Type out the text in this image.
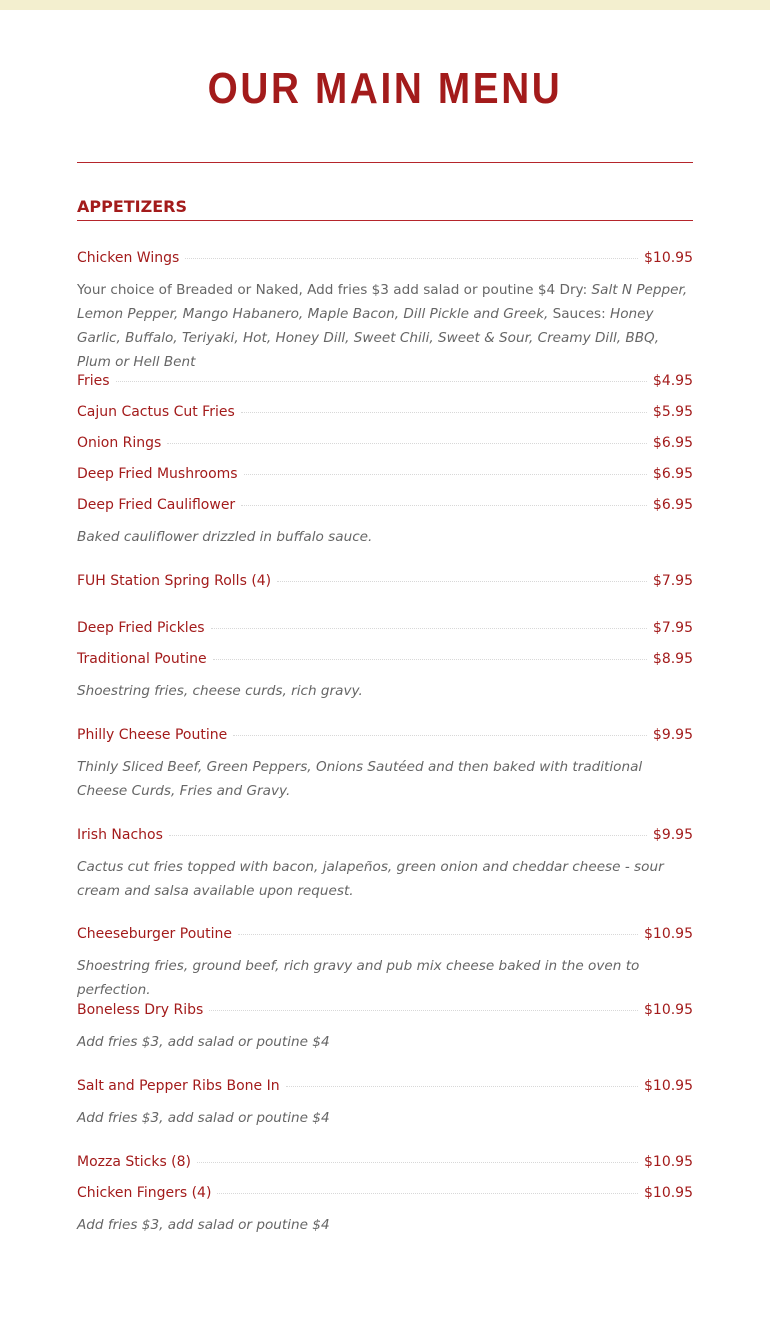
OUR MAIN MENU
APPETIZERS
Chicken Wings	$10.95

Your choice of Breaded or Naked, Add fries $3 add salad or poutine $4 Dry: Salt N Pepper, Lemon Pepper, Mango Habanero, Maple Bacon, Dill Pickle and Greek, Sauces: Honey Garlic, Buffalo, Teriyaki, Hot, Honey Dill, Sweet Chili, Sweet & Sour, Creamy Dill, BBQ, Plum or Hell Bent

Fries	$4.95
Cajun Cactus Cut Fries	$5.95
Onion Rings	$6.95
Deep Fried Mushrooms	$6.95
Deep Fried Cauliflower	$6.95

Baked cauliflower drizzled in buffalo sauce.

FUH Station Spring Rolls (4)	$7.95
Deep Fried Pickles	$7.95
Traditional Poutine	$8.95

Shoestring fries, cheese curds, rich gravy.

Philly Cheese Poutine	$9.95

Thinly Sliced Beef, Green Peppers, Onions Sautéed and then baked with traditional Cheese Curds, Fries and Gravy.

Irish Nachos	$9.95

Cactus cut fries topped with bacon, jalapeños, green onion and cheddar cheese - sour cream and salsa available upon request.

Cheeseburger Poutine	$10.95

Shoestring fries, ground beef, rich gravy and pub mix cheese baked in the oven to perfection.

Boneless Dry Ribs	$10.95

Add fries $3, add salad or poutine $4

Salt and Pepper Ribs Bone In	$10.95

Add fries $3, add salad or poutine $4

Mozza Sticks (8)	$10.95
Chicken Fingers (4)	$10.95

Add fries $3, add salad or poutine $4
